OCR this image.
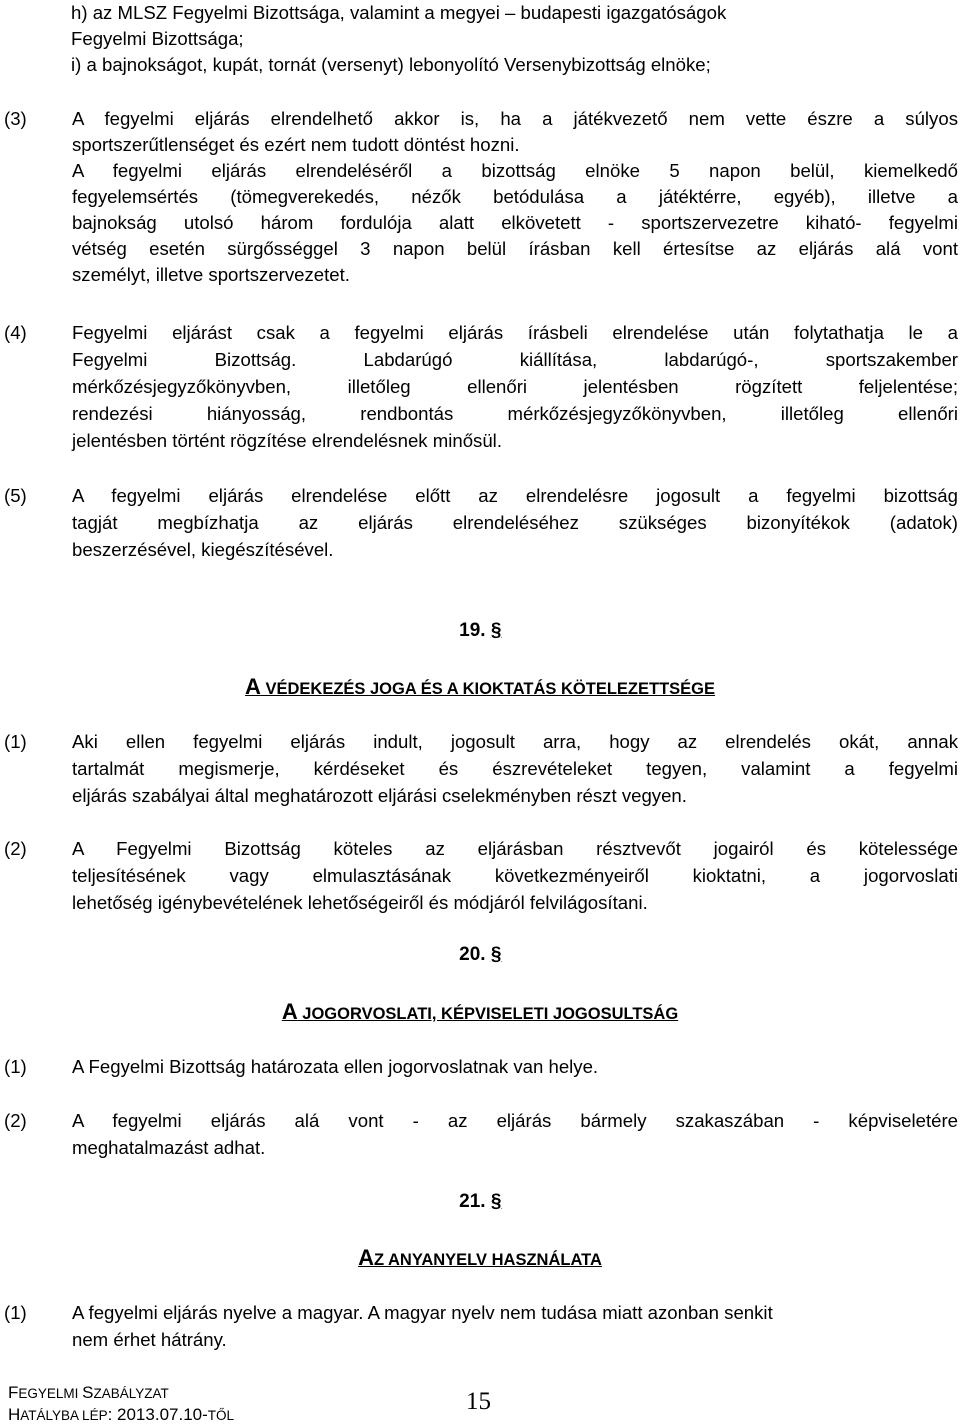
h) az MLSZ Fegyelmi Bizottsága, valamint a megyei – budapesti igazgatóságok
Fegyelmi Bizottsága;
i) a bajnokságot, kupát, tornát (versenyt) lebonyolító Versenybizottság elnöke;
(3) A fegyelmi eljárás elrendelhető akkor is, ha a játékvezető nem vette észre a súlyos
sportszerűtlenséget és ezért nem tudott döntést hozni.
A fegyelmi eljárás elrendeléséről a bizottság elnöke 5 napon belül, kiemelkedő
fegyelemsértés (tömegverekedés, nézők betódulása a játéktérre, egyéb), illetve a
bajnokság utolsó három fordulója alatt elkövetett - sportszervezetre kiható- fegyelmi
vétség esetén sürgősséggel 3 napon belül írásban kell értesítse az eljárás alá vont
személyt, illetve sportszervezetet.
(4) Fegyelmi eljárást csak a fegyelmi eljárás írásbeli elrendelése után folytathatja le a
Fegyelmi Bizottság. Labdarúgó kiállítása, labdarúgó-, sportszakember
mérkőzésjegyzőkönyvben, illetőleg ellenőri jelentésben rögzített feljelentése;
rendezési hiányosság, rendbontás mérkőzésjegyzőkönyvben, illetőleg ellenőri
jelentésben történt rögzítése elrendelésnek minősül.
(5) A fegyelmi eljárás elrendelése előtt az elrendelésre jogosult a fegyelmi bizottság
tagját megbízhatja az eljárás elrendeléséhez szükséges bizonyítékok (adatok)
beszerzésével, kiegészítésével.
19. §
A VÉDEKEZÉS JOGA ÉS A KIOKTATÁS KÖTELEZETTSÉGE
(1) Aki ellen fegyelmi eljárás indult, jogosult arra, hogy az elrendelés okát, annak
tartalmát megismerje, kérdéseket és észrevételeket tegyen, valamint a fegyelmi
eljárás szabályai által meghatározott eljárási cselekményben részt vegyen.
(2) A Fegyelmi Bizottság köteles az eljárásban résztvevőt jogairól és kötelessége
teljesítésének vagy elmulasztásának következményeiről kioktatni, a jogorvoslati
lehetőség igénybevételének lehetőségeiről és módjáról felvilágosítani.
20. §
A JOGORVOSLATI, KÉPVISELETI JOGOSULTSÁG
(1) A Fegyelmi Bizottság határozata ellen jogorvoslatnak van helye.
(2) A fegyelmi eljárás alá vont - az eljárás bármely szakaszában - képviseletére
meghatalmazást adhat.
21. §
AZ ANYANYELV HASZNÁLATA
(1) A fegyelmi eljárás nyelve a magyar. A magyar nyelv nem tudása miatt azonban senkit
nem érhet hátrány.
FEGYELMI SZABÁLYZAT
HATÁLYBA LÉP: 2013.07.10-TŐL
15
